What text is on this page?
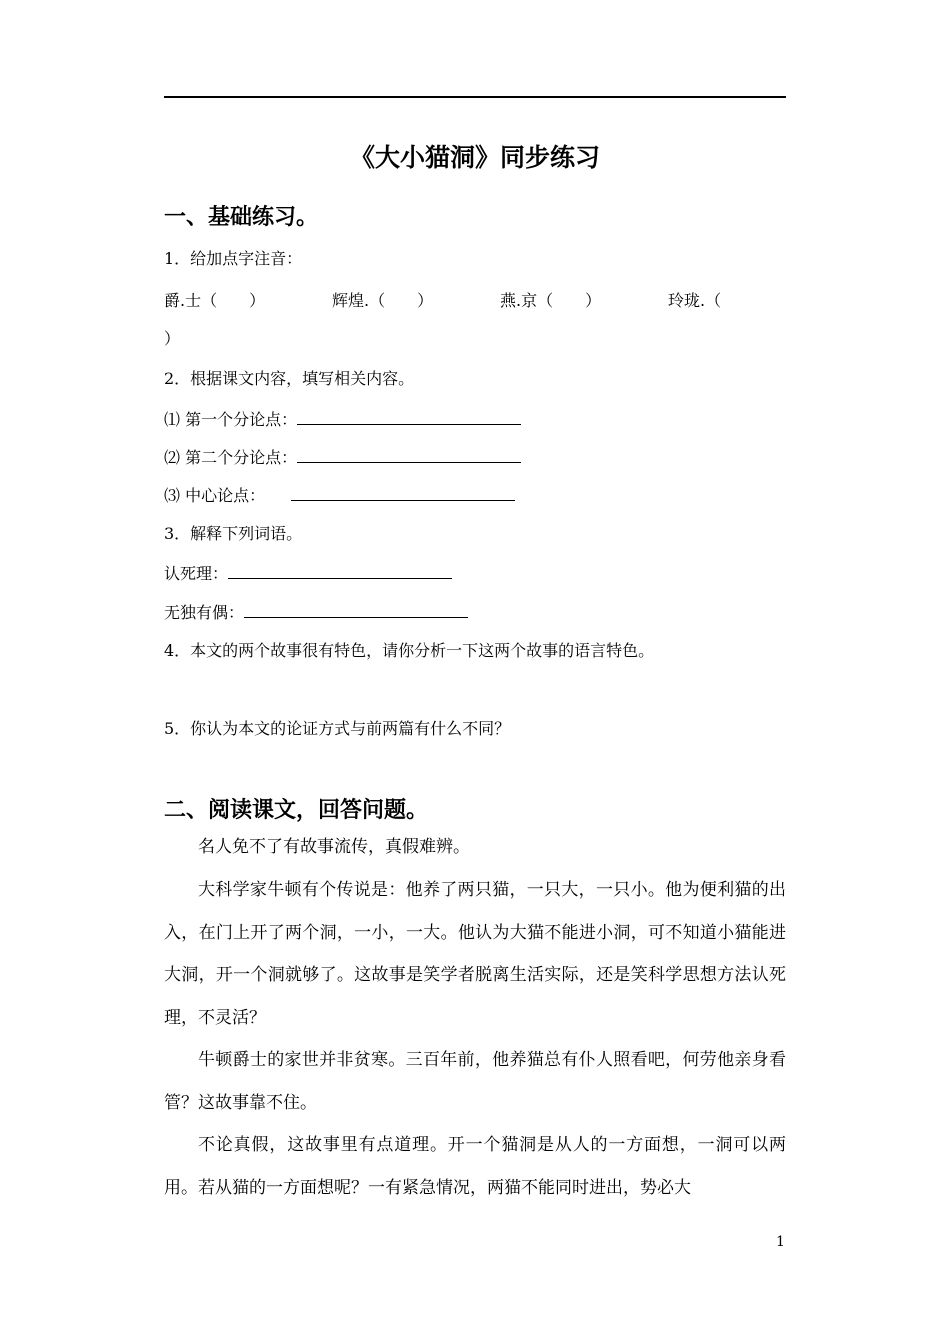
《大小猫洞》同步练习
一、基础练习。
1．给加点字注音：
爵.士（　　）	辉煌.（　　）	燕.京（　　）	玲珑.（
）
2．根据课文内容，填写相关内容。
⑴ 第一个分论点：
⑵ 第二个分论点：
⑶ 中心论点：
3．解释下列词语。
认死理：
无独有偶：
4．本文的两个故事很有特色，请你分析一下这两个故事的语言特色。
5．你认为本文的论证方式与前两篇有什么不同？
二、阅读课文，回答问题。

名人免不了有故事流传，真假难辨。

大科学家牛顿有个传说是：他养了两只猫，一只大，一只小。他为便利猫的出入，在门上开了两个洞，一小，一大。他认为大猫不能进小洞，可不知道小猫能进大洞，开一个洞就够了。这故事是笑学者脱离生活实际，还是笑科学思想方法认死理，不灵活？

牛顿爵士的家世并非贫寒。三百年前，他养猫总有仆人照看吧，何劳他亲身看管？这故事靠不住。

不论真假，这故事里有点道理。开一个猫洞是从人的一方面想，一洞可以两用。若从猫的一方面想呢？一有紧急情况，两猫不能同时进出，势必大

1
